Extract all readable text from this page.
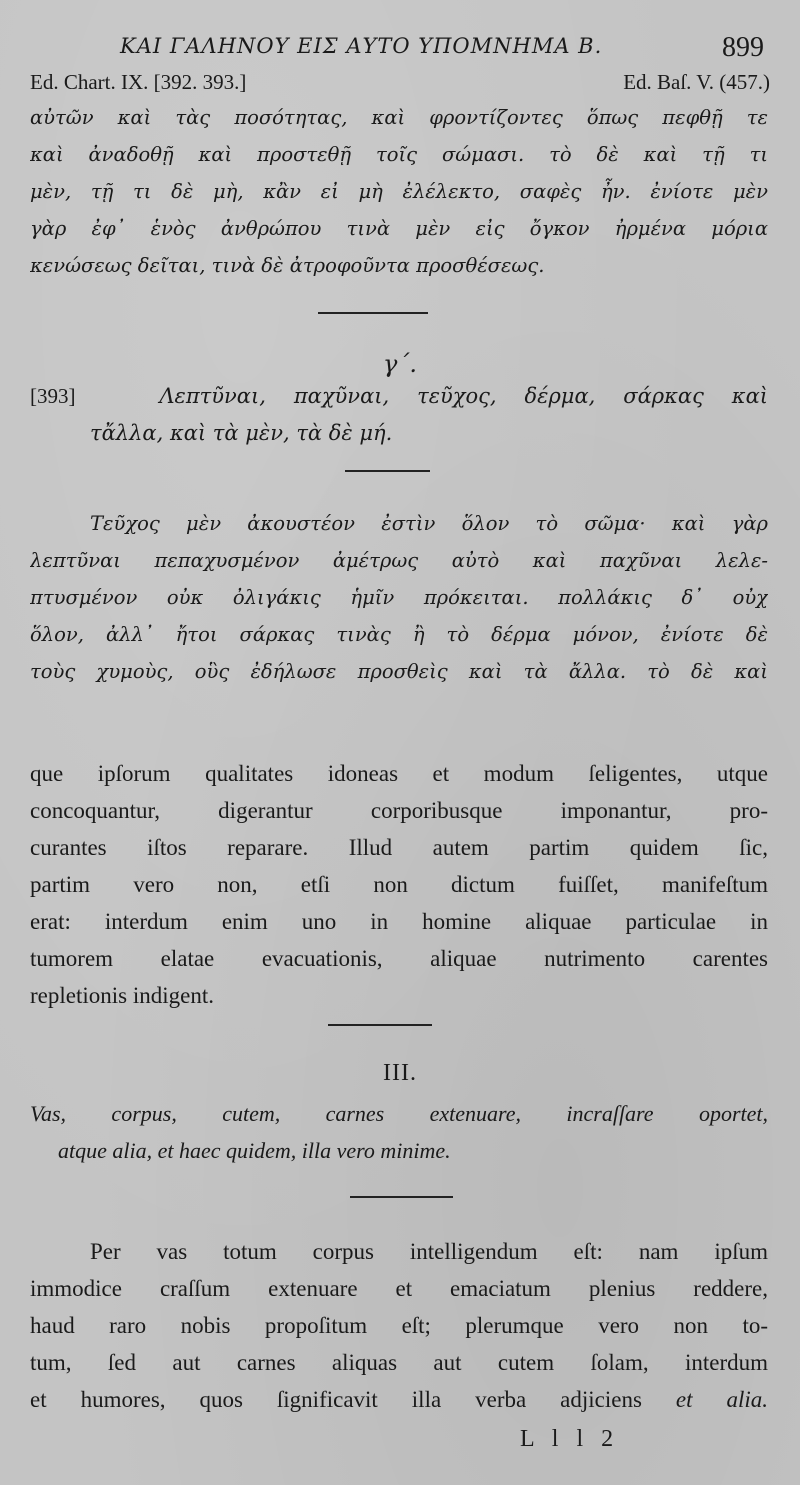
ΚΑΙ ΓΑΛΗΝΟΥ ΕΙΣ ΑΥΤΟ ΥΠΟΜΝΗΜΑ Β.	899
Ed. Chart. IX. [392. 393.]	Ed. Baſ. V. (457.)
αὐτῶν καὶ τὰς ποσότητας, καὶ φροντίζοντες ὅπως πεφθῇ τε
καὶ ἀναδοθῇ καὶ προστεθῇ τοῖς σώμασι. τὸ δὲ καὶ τῇ τι
μὲν, τῇ τι δὲ μὴ, κἂν εἰ μὴ ἐλέλεκτο, σαφὲς ἦν. ἐνίοτε μὲν
γὰρ ἐφ᾽ ἑνὸς ἀνθρώπου τινὰ μὲν εἰς ὄγκον ἠρμένα μόρια
κενώσεως δεῖται, τινὰ δὲ ἀτροφοῦντα προσθέσεως.
γ΄.
[393]	Λεπτῦναι, παχῦναι, τεῦχος, δέρμα, σάρκας καὶ
τἄλλα, καὶ τὰ μὲν, τὰ δὲ μή.
Τεῦχος μὲν ἀκουστέον ἐστὶν ὅλον τὸ σῶμα· καὶ γὰρ
λεπτῦναι πεπαχυσμένον ἀμέτρως αὐτὸ καὶ παχῦναι λελε-
πτυσμένον οὐκ ὀλιγάκις ἡμῖν πρόκειται. πολλάκις δ᾽ οὐχ
ὅλον, ἀλλ᾽ ἤτοι σάρκας τινὰς ἢ τὸ δέρμα μόνον, ἐνίοτε δὲ
τοὺς χυμοὺς, οὓς ἐδήλωσε προσθεὶς καὶ τὰ ἄλλα. τὸ δὲ καὶ
que ipſorum qualitates idoneas et modum ſeligentes, utque
concoquantur, digerantur corporibusque imponantur, pro-
curantes iſtos reparare. Illud autem partim quidem ſic,
partim vero non, etſi non dictum fuiſſet, manifeſtum
erat: interdum enim uno in homine aliquae particulae in
tumorem elatae evacuationis, aliquae nutrimento carentes
repletionis indigent.
III.
Vas, corpus, cutem, carnes extenuare, incraſſare oportet,
atque alia, et haec quidem, illa vero minime.
Per vas totum corpus intelligendum eſt: nam ipſum
immodice craſſum extenuare et emaciatum plenius reddere,
haud raro nobis propoſitum eſt; plerumque vero non to-
tum, ſed aut carnes aliquas aut cutem ſolam, interdum
et humores, quos ſignificavit illa verba adjiciens et alia.
L l l 2
